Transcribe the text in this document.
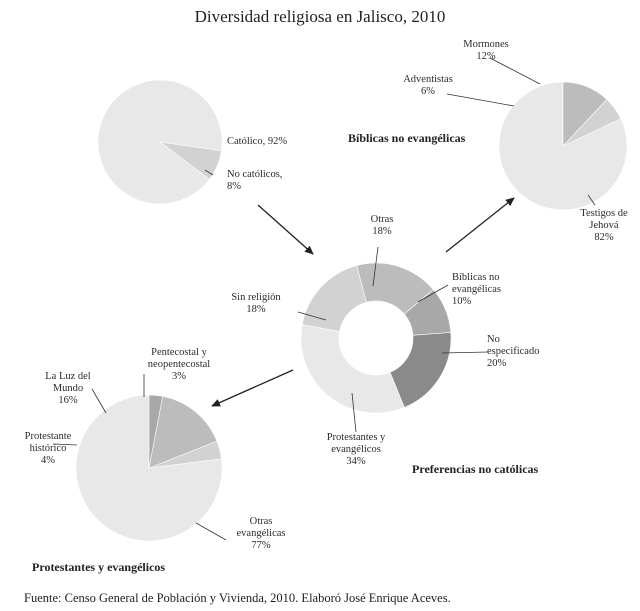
Diversidad religiosa en Jalisco, 2010
Católico, 92%
No católicos, 8%
Otras 18%
Bíblicas no evangélicas 10%
No especificado 20%
Protestantes y evangélicos 34%
Sin religión 18%
Testigos de Jehová 82%
Adventistas 6%
Mormones 12%
Otras evangélicas 77%
Protestante histórico 4%
La Luz del Mundo 16%
Pentecostal y neopentecostal 3%
Bíblicas no evangélicas
Preferencias no católicas
Protestantes y evangélicos
Fuente: Censo General de Población y Vivienda, 2010. Elaboró José Enrique Aceves.
